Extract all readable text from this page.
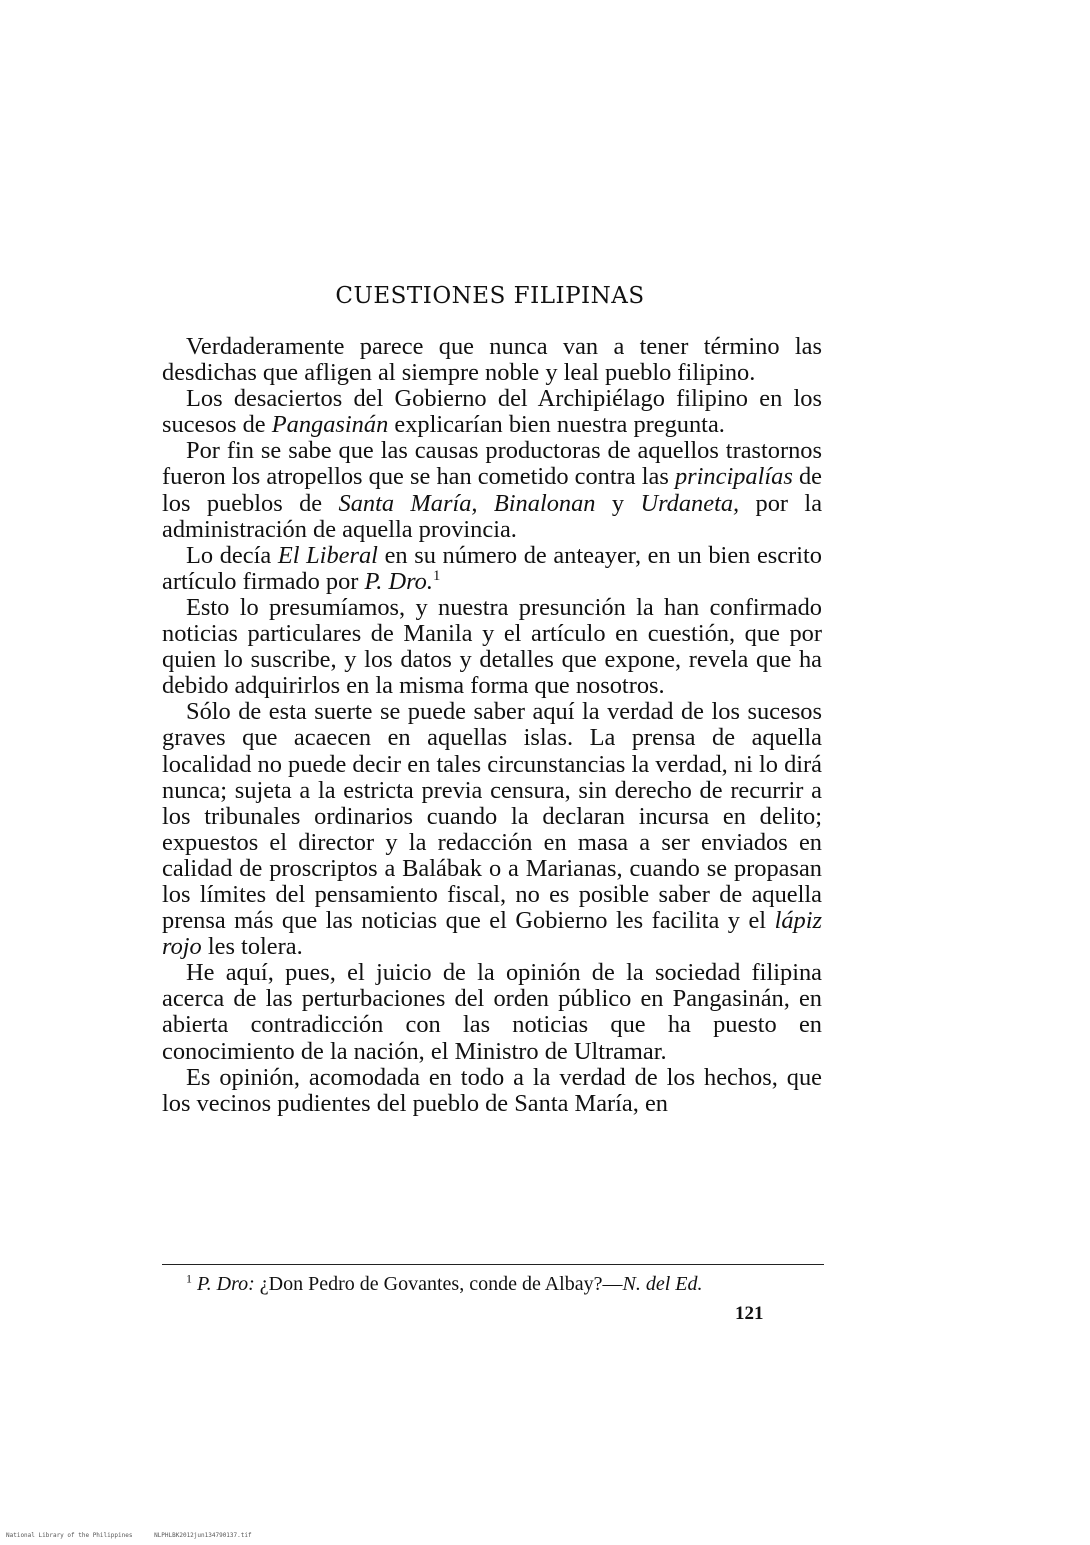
CUESTIONES FILIPINAS

Verdaderamente parece que nunca van a tener término las desdichas que afligen al siempre noble y leal pueblo filipino.

Los desaciertos del Gobierno del Archipiélago filipino en los sucesos de Pangasinán explicarían bien nuestra pregunta.

Por fin se sabe que las causas productoras de aquellos trastornos fueron los atropellos que se han cometido contra las principalías de los pueblos de Santa María, Binalonan y Urdaneta, por la administración de aquella provincia.

Lo decía El Liberal en su número de anteayer, en un bien escrito artículo firmado por P. Dro.$^1$

Esto lo presumíamos, y nuestra presunción la han confirmado noticias particulares de Manila y el artículo en cuestión, que por quien lo suscribe, y los datos y detalles que expone, revela que ha debido adquirirlos en la misma forma que nosotros.

Sólo de esta suerte se puede saber aquí la verdad de los sucesos graves que acaecen en aquellas islas. La prensa de aquella localidad no puede decir en tales circunstancias la verdad, ni lo dirá nunca; sujeta a la estricta previa censura, sin derecho de recurrir a los tribunales ordinarios cuando la declaran incursa en delito; expuestos el director y la redacción en masa a ser enviados en calidad de proscriptos a Balábak o a Marianas, cuando se propasan los límites del pensamiento fiscal, no es posible saber de aquella prensa más que las noticias que el Gobierno les facilita y el lápiz rojo les tolera.

He aquí, pues, el juicio de la opinión de la sociedad filipina acerca de las perturbaciones del orden público en Pangasinán, en abierta contradicción con las noticias que ha puesto en conocimiento de la nación, el Ministro de Ultramar.

Es opinión, acomodada en todo a la verdad de los hechos, que los vecinos pudientes del pueblo de Santa María, en

$^1$ P. Dro: ¿Don Pedro de Govantes, conde de Albay?—N. del Ed.

121

National Library of the Philippines	NLPHLBK2012jun134790137.tif
